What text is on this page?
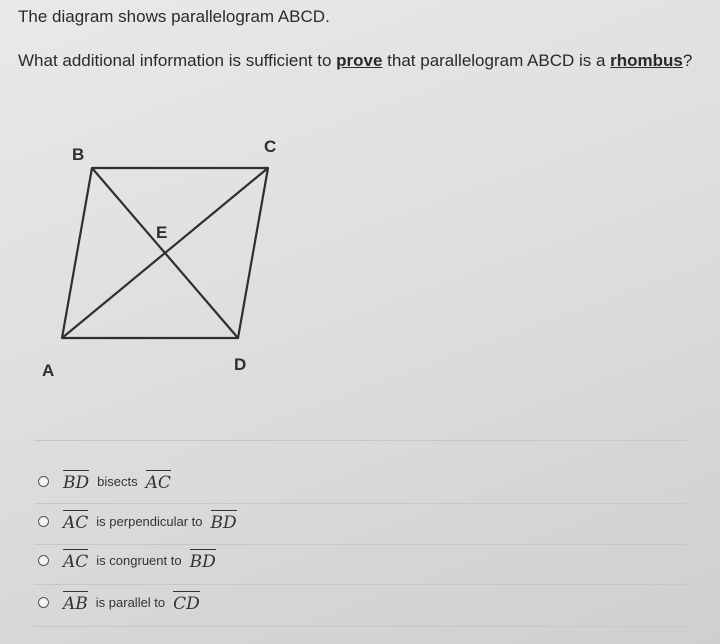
The diagram shows parallelogram ABCD.

What additional information is sufficient to prove that parallelogram ABCD is a rhombus?

B	C
E
A	D
BD bisects AC
AC is perpendicular to BD
AC is congruent to BD
AB is parallel to CD
